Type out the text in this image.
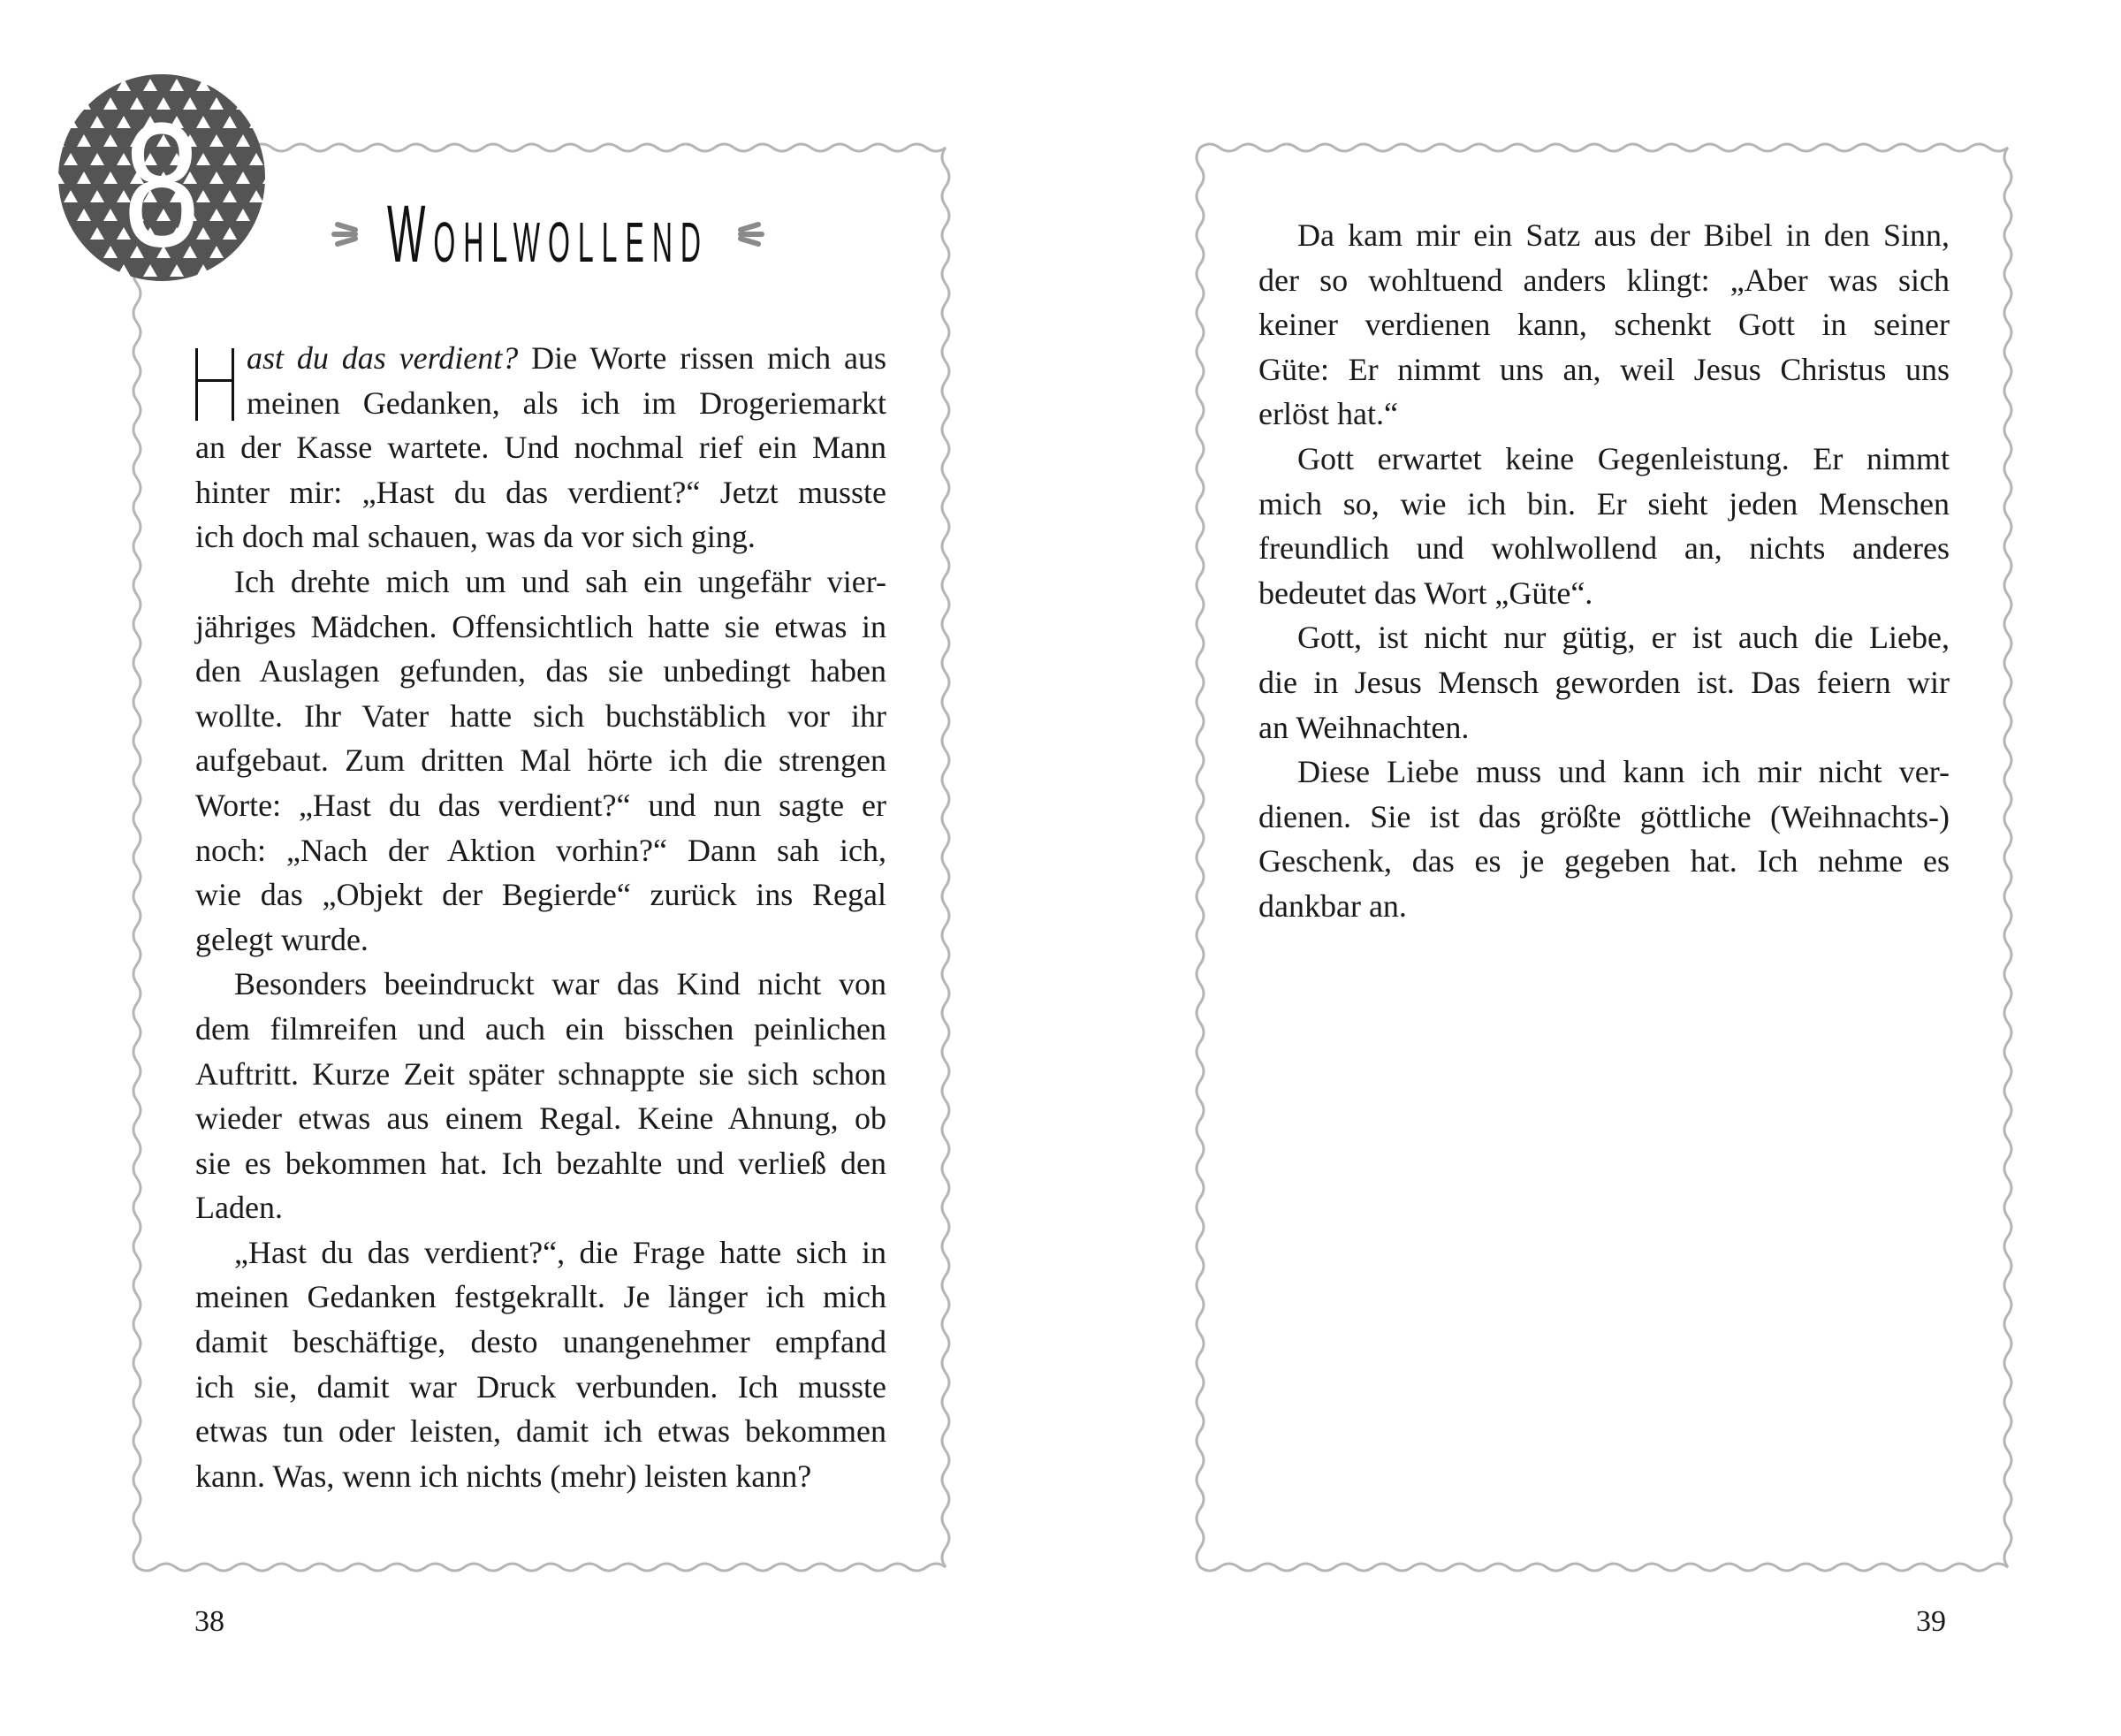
8	Wohlwollend
ast du das verdient? Die Worte rissen mich aus
meinen Gedanken, als ich im Drogeriemarkt
an der Kasse wartete. Und nochmal rief ein Mann
hinter mir: „Hast du das verdient?“ Jetzt musste
ich doch mal schauen, was da vor sich ging.
Ich drehte mich um und sah ein ungefähr vier-
jähriges Mädchen. Offensichtlich hatte sie etwas in
den Auslagen gefunden, das sie unbedingt haben
wollte. Ihr Vater hatte sich buchstäblich vor ihr
aufgebaut. Zum dritten Mal hörte ich die strengen
Worte: „Hast du das verdient?“ und nun sagte er
noch: „Nach der Aktion vorhin?“ Dann sah ich,
wie das „Objekt der Begierde“ zurück ins Regal
gelegt wurde.
Besonders beeindruckt war das Kind nicht von
dem filmreifen und auch ein bisschen peinlichen
Auftritt. Kurze Zeit später schnappte sie sich schon
wieder etwas aus einem Regal. Keine Ahnung, ob
sie es bekommen hat. Ich bezahlte und verließ den
Laden.
„Hast du das verdient?“, die Frage hatte sich in
meinen Gedanken festgekrallt. Je länger ich mich
damit beschäftige, desto unangenehmer empfand
ich sie, damit war Druck verbunden. Ich musste
etwas tun oder leisten, damit ich etwas bekommen
kann. Was, wenn ich nichts (mehr) leisten kann?
Da kam mir ein Satz aus der Bibel in den Sinn,
der so wohltuend anders klingt: „Aber was sich
keiner verdienen kann, schenkt Gott in seiner
Güte: Er nimmt uns an, weil Jesus Christus uns
erlöst hat.“
Gott erwartet keine Gegenleistung. Er nimmt
mich so, wie ich bin. Er sieht jeden Menschen
freundlich und wohlwollend an, nichts anderes
bedeutet das Wort „Güte“.
Gott, ist nicht nur gütig, er ist auch die Liebe,
die in Jesus Mensch geworden ist. Das feiern wir
an Weihnachten.
Diese Liebe muss und kann ich mir nicht ver-
dienen. Sie ist das größte göttliche (Weihnachts-)
Geschenk, das es je gegeben hat. Ich nehme es
dankbar an.
38	39
